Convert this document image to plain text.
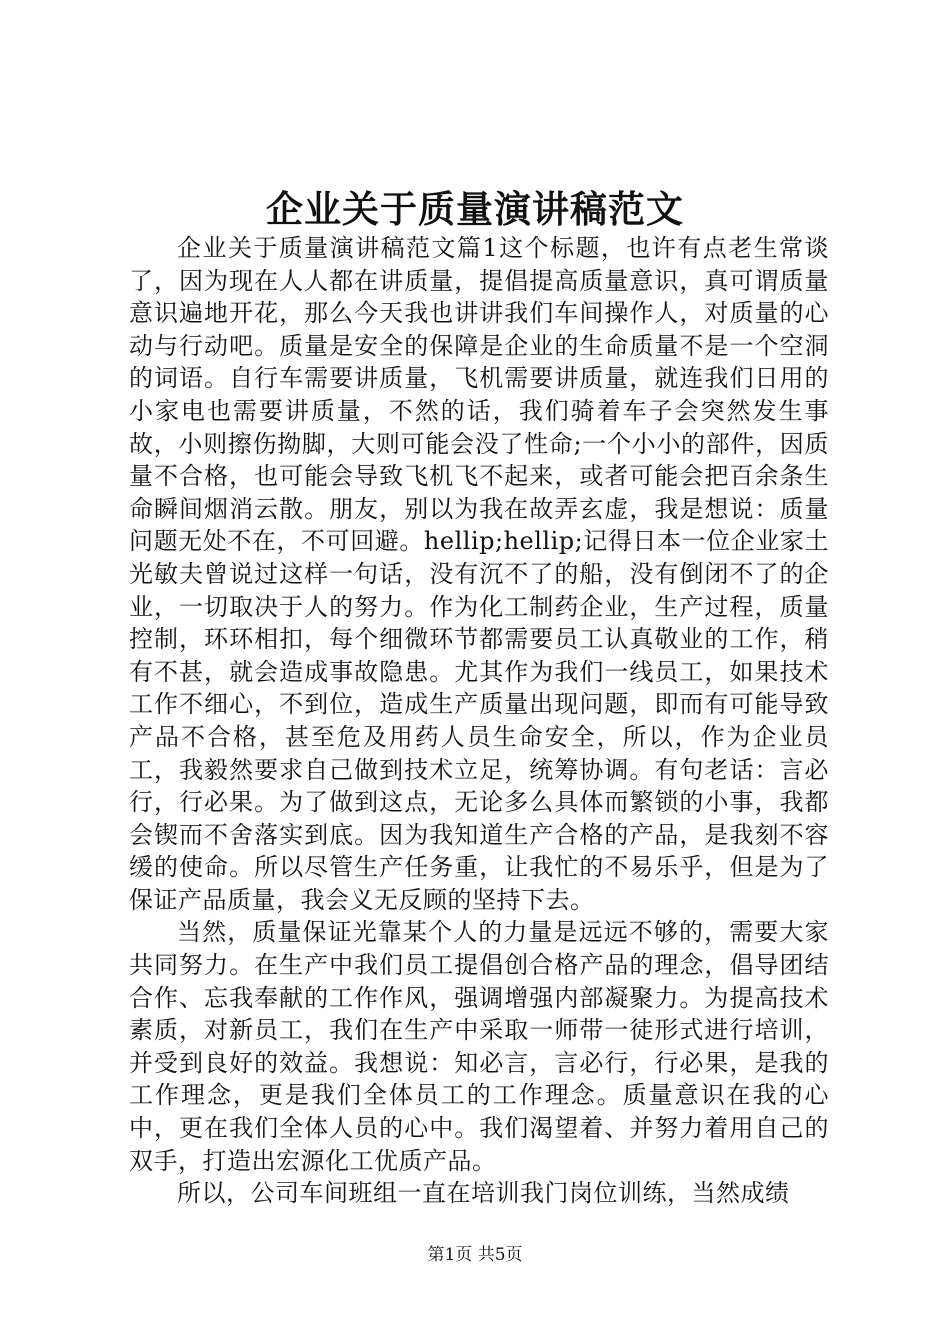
企业关于质量演讲稿范文

企业关于质量演讲稿范文篇1这个标题，也许有点老生常谈了，因为现在人人都在讲质量，提倡提高质量意识，真可谓质量意识遍地开花，那么今天我也讲讲我们车间操作人，对质量的心动与行动吧。质量是安全的保障是企业的生命质量不是一个空洞的词语。自行车需要讲质量，飞机需要讲质量，就连我们日用的小家电也需要讲质量，不然的话，我们骑着车子会突然发生事故，小则擦伤拗脚，大则可能会没了性命;一个小小的部件，因质量不合格，也可能会导致飞机飞不起来，或者可能会把百余条生命瞬间烟消云散。朋友，别以为我在故弄玄虚，我是想说：质量问题无处不在，不可回避。hellip;hellip;记得日本一位企业家土光敏夫曾说过这样一句话，没有沉不了的船，没有倒闭不了的企业，一切取决于人的努力。作为化工制药企业，生产过程，质量控制，环环相扣，每个细微环节都需要员工认真敬业的工作，稍有不甚，就会造成事故隐患。尤其作为我们一线员工，如果技术工作不细心，不到位，造成生产质量出现问题，即而有可能导致产品不合格，甚至危及用药人员生命安全，所以，作为企业员工，我毅然要求自己做到技术立足，统筹协调。有句老话：言必行，行必果。为了做到这点，无论多么具体而繁锁的小事，我都会锲而不舍落实到底。因为我知道生产合格的产品，是我刻不容缓的使命。所以尽管生产任务重，让我忙的不易乐乎，但是为了保证产品质量，我会义无反顾的坚持下去。

当然，质量保证光靠某个人的力量是远远不够的，需要大家共同努力。在生产中我们员工提倡创合格产品的理念，倡导团结合作、忘我奉献的工作作风，强调增强内部凝聚力。为提高技术素质，对新员工，我们在生产中采取一师带一徒形式进行培训，并受到良好的效益。我想说：知必言，言必行，行必果，是我的工作理念，更是我们全体员工的工作理念。质量意识在我的心中，更在我们全体人员的心中。我们渴望着、并努力着用自己的双手，打造出宏源化工优质产品。

所以，公司车间班组一直在培训我门岗位训练，当然成绩

第1页 共5页
